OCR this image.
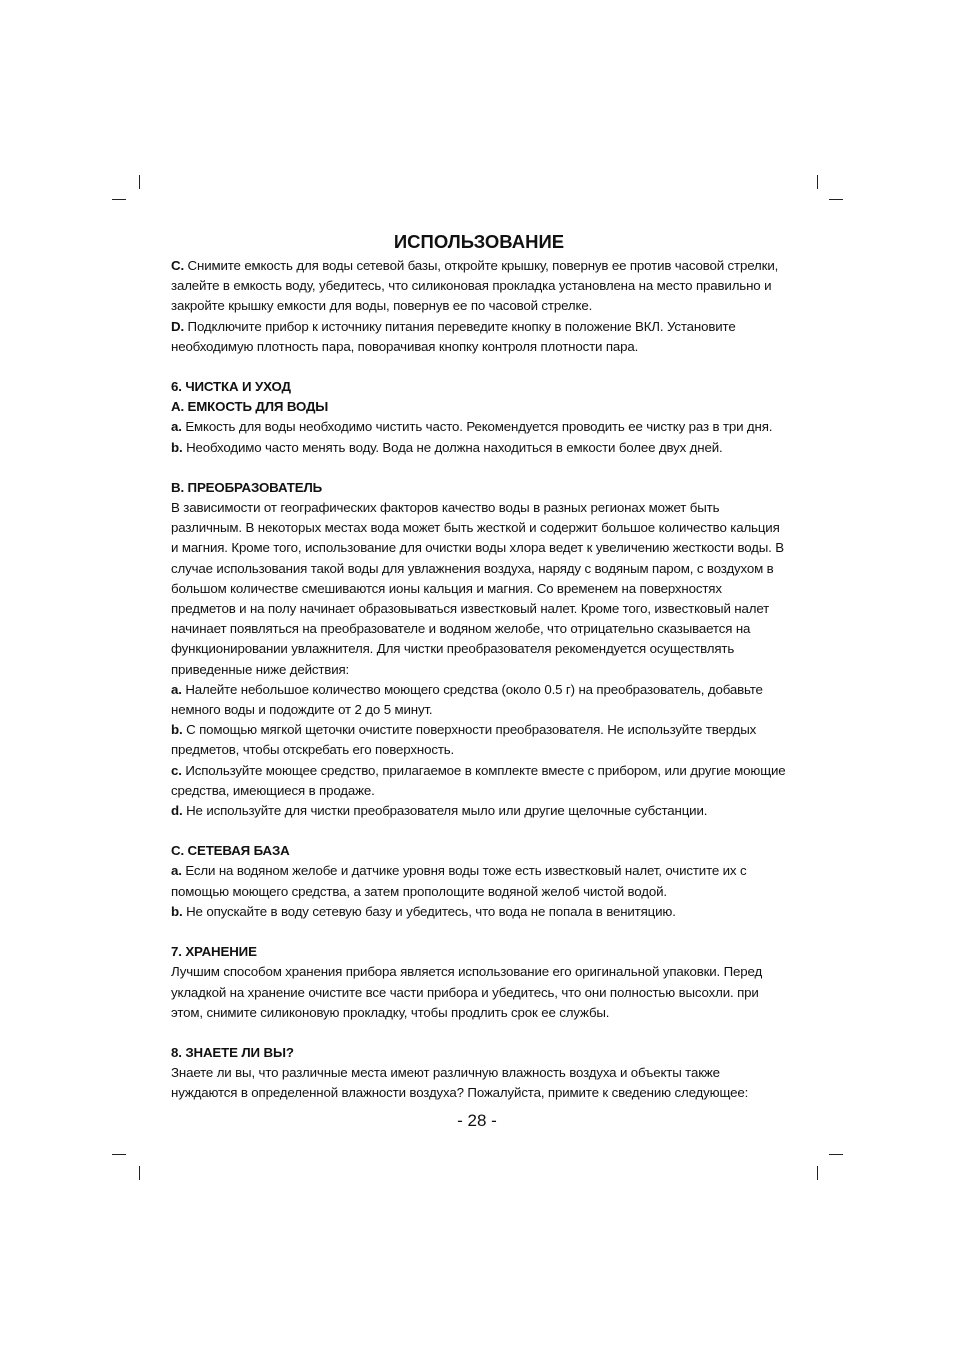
ИСПОЛЬЗОВАНИЕ

C. Снимите емкость для воды сетевой базы, откройте крышку, повернув ее против часовой стрелки, залейте в емкость воду, убедитесь, что силиконовая прокладка установлена на место правильно и закройте крышку емкости для воды, повернув ее по часовой стрелке.

D. Подключите прибор к источнику питания переведите кнопку в положение ВКЛ. Установите необходимую плотность пара, поворачивая кнопку контроля плотности пара.

6. ЧИСТКА И УХОД

A. ЕМКОСТЬ ДЛЯ ВОДЫ

a. Емкость для воды необходимо чистить часто. Рекомендуется проводить ее чистку раз в три дня.

b. Необходимо часто менять воду. Вода не должна находиться в емкости более двух дней.

B. ПРЕОБРАЗОВАТЕЛЬ

В зависимости от географических факторов качество воды в разных регионах может быть различным. В некоторых местах вода может быть жесткой и содержит большое количество кальция и магния. Кроме того, использование для очистки воды хлора ведет к увеличению жесткости воды. В случае использования такой воды для увлажнения воздуха, наряду с водяным паром, с воздухом в большом количестве смешиваются ионы кальция и магния. Со временем на поверхностях предметов и на полу начинает образовываться известковый налет. Кроме того, известковый налет начинает появляться на преобразователе и водяном желобе, что отрицательно сказывается на функционировании увлажнителя. Для чистки преобразователя рекомендуется осуществлять приведенные ниже действия:

a. Налейте небольшое количество моющего средства (около 0.5 г) на преобразователь, добавьте немного воды и подождите от 2 до 5 минут.

b. С помощью мягкой щеточки очистите поверхности преобразователя. Не используйте твердых предметов, чтобы отскребать его поверхность.

c. Используйте моющее средство, прилагаемое в комплекте вместе с прибором, или другие моющие средства, имеющиеся в продаже.

d. Не используйте для чистки преобразователя мыло или другие щелочные субстанции.

C. СЕТЕВАЯ БАЗА

a. Если на водяном желобе и датчике уровня воды тоже есть известковый налет, очистите их с помощью моющего средства, а затем прополощите водяной желоб чистой водой.

b. Не опускайте в воду сетевую базу и убедитесь, что вода не попала в венитяцию.

7. ХРАНЕНИЕ

Лучшим способом хранения прибора является использование его оригинальной упаковки. Перед укладкой на хранение очистите все части прибора и убедитесь, что они полностью высохли. при этом, снимите силиконовую прокладку, чтобы продлить срок ее службы.

8. ЗНАЕТЕ ЛИ ВЫ?

Знаете ли вы, что различные места имеют различную влажность воздуха и объекты также нуждаются в определенной влажности воздуха? Пожалуйста, примите к сведению следующее:

- 28 -
